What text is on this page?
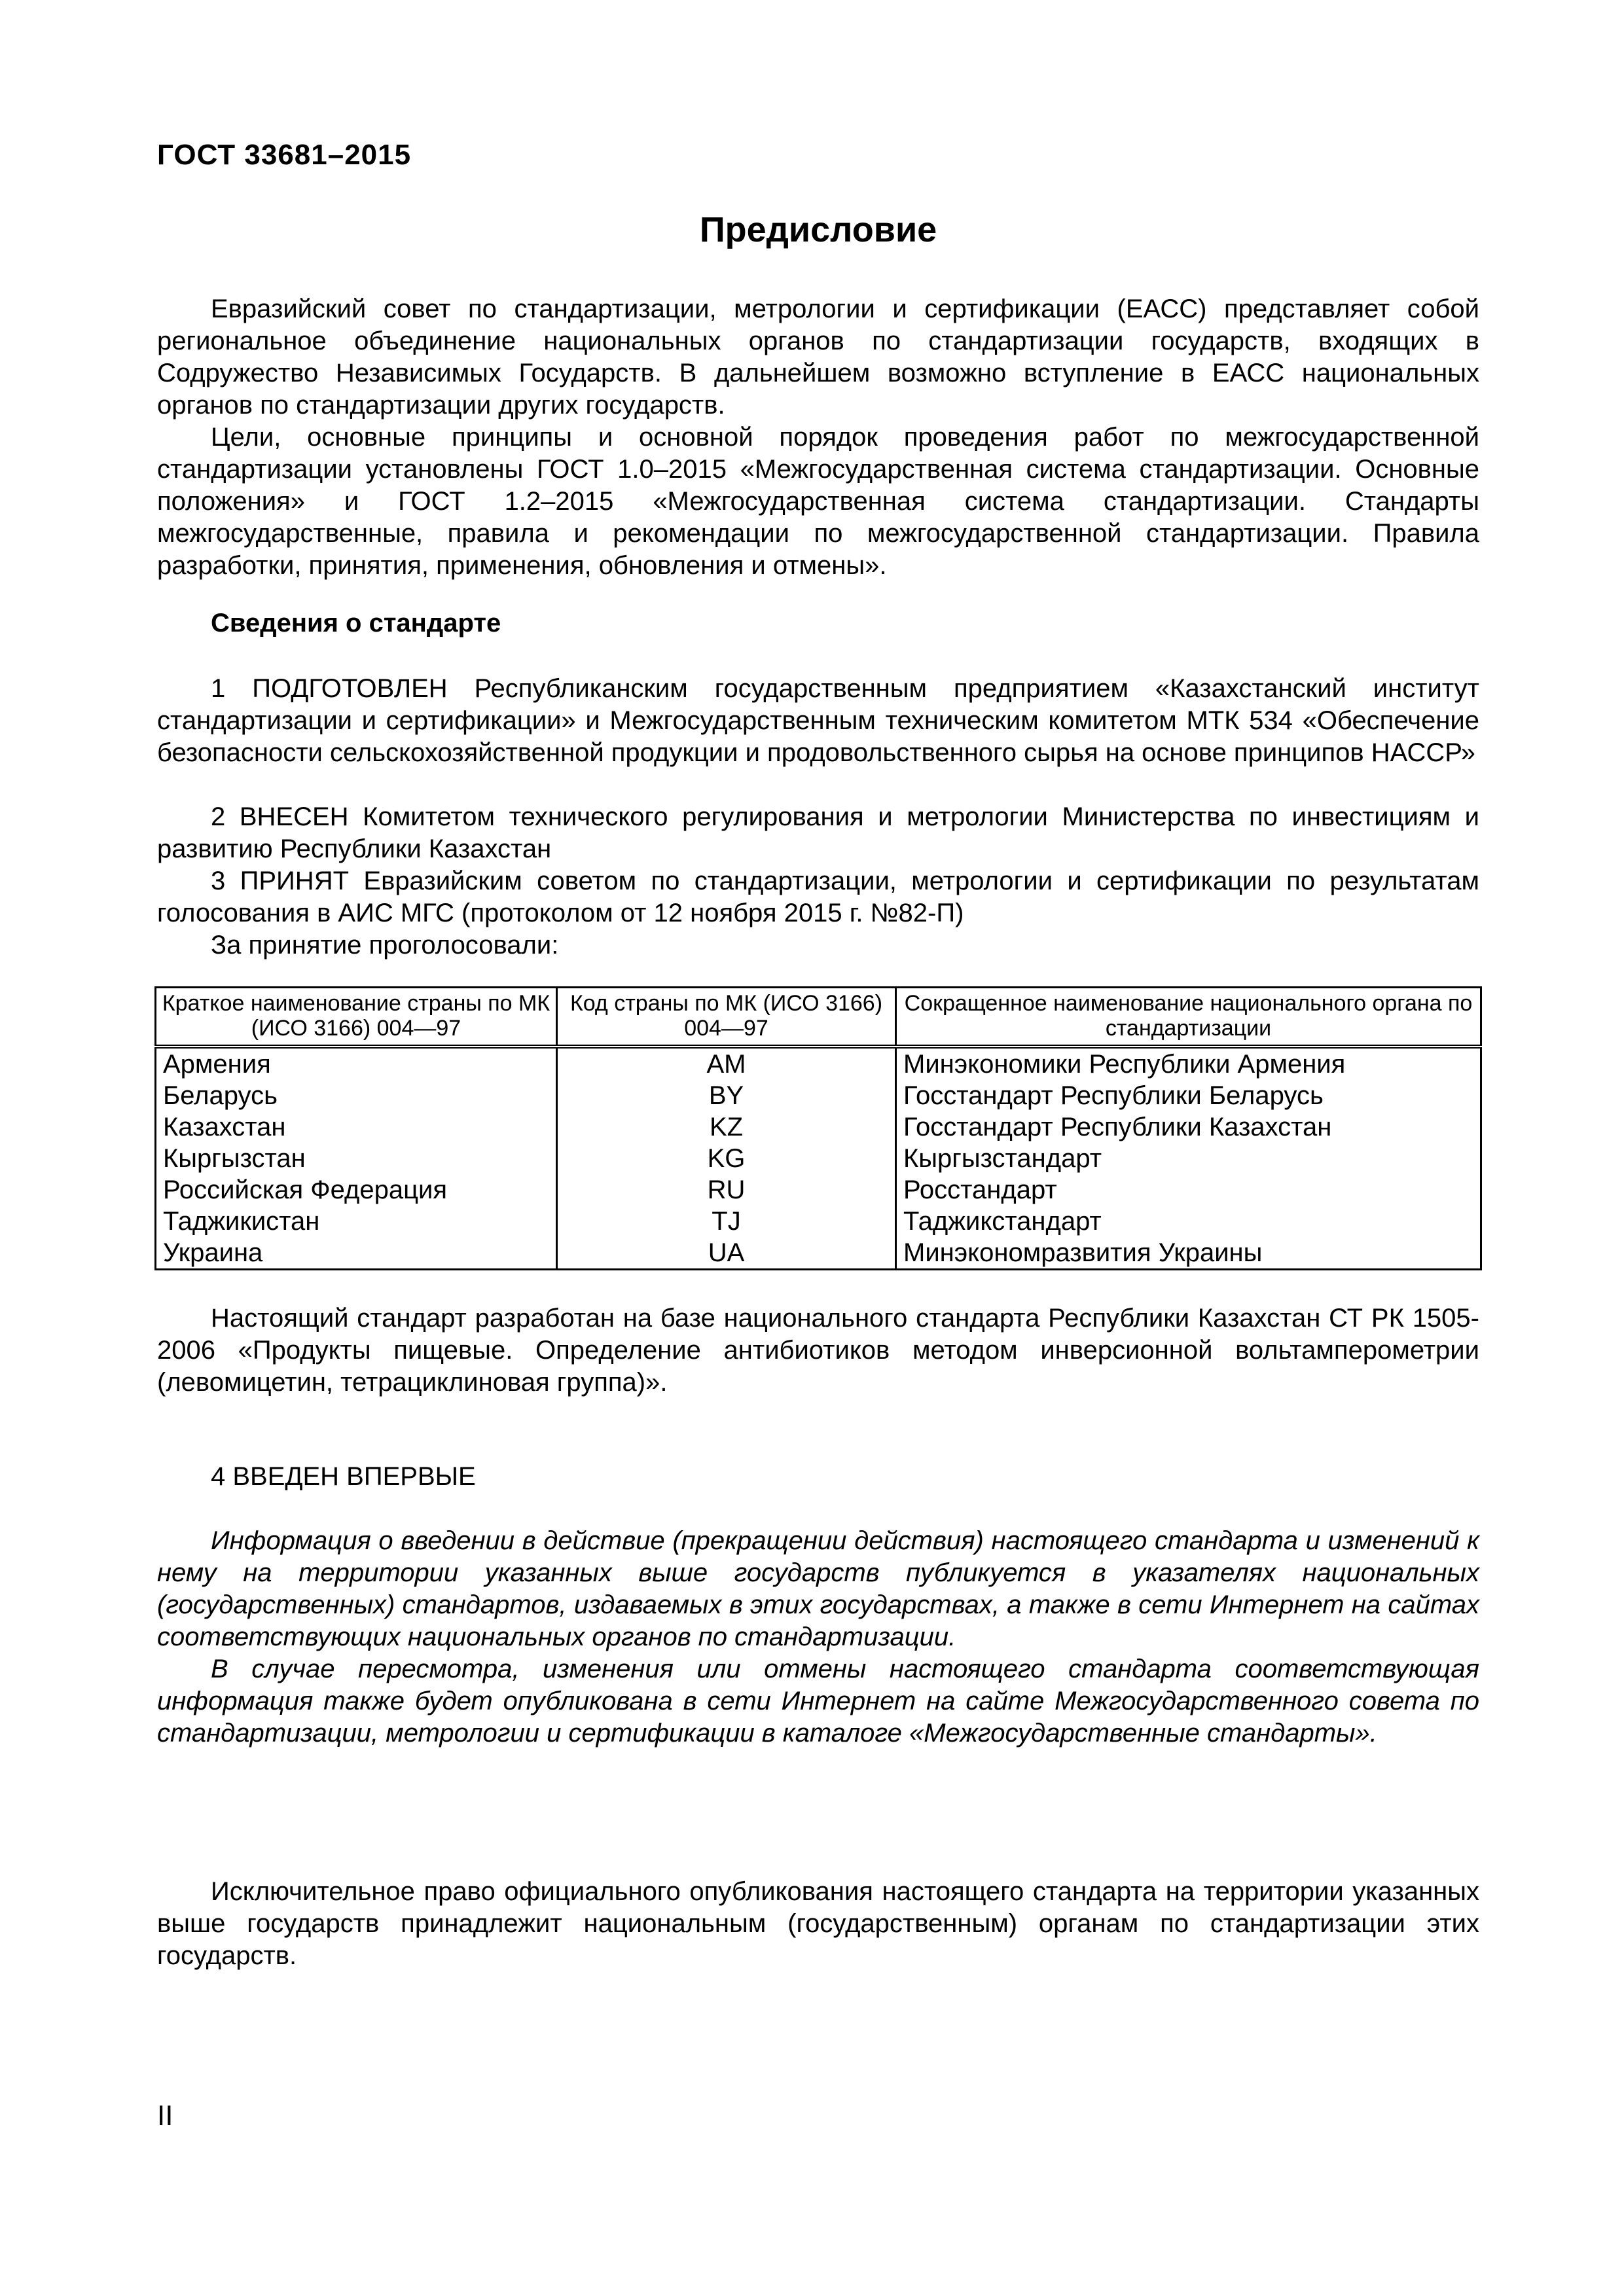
ГОСТ 33681–2015
Предисловие

Евразийский совет по стандартизации, метрологии и сертификации (ЕАСС) представляет собой региональное объединение национальных органов по стандартизации государств, входящих в Содружество Независимых Государств. В дальнейшем возможно вступление в ЕАСС национальных органов по стандартизации других государств.

Цели, основные принципы и основной порядок проведения работ по межгосударственной стандартизации установлены ГОСТ 1.0–2015 «Межгосударственная система стандартизации. Основные положения» и ГОСТ 1.2–2015 «Межгосударственная система стандартизации. Стандарты межгосударственные, правила и рекомендации по межгосударственной стандартизации. Правила разработки, принятия, применения, обновления и отмены».

Сведения о стандарте

1 ПОДГОТОВЛЕН Республиканским государственным предприятием «Казахстанский институт стандартизации и сертификации» и Межгосударственным техническим комитетом МТК 534 «Обеспечение безопасности сельскохозяйственной продукции и продовольственного сырья на основе принципов НАССР»

2 ВНЕСЕН Комитетом технического регулирования и метрологии Министерства по инвестициям и развитию Республики Казахстан

3 ПРИНЯТ Евразийским советом по стандартизации, метрологии и сертификации по результатам голосования в АИС МГС (протоколом от 12 ноября 2015 г. №82-П)

За принятие проголосовали:

Краткое наименование страны по МК (ИСО 3166) 004—97	Код страны по МК (ИСО 3166) 004—97	Сокращенное наименование национального органа по стандартизации
Армения	AM	Минэкономики Республики Армения
Беларусь	BY	Госстандарт Республики Беларусь
Казахстан	KZ	Госстандарт Республики Казахстан
Кыргызстан	KG	Кыргызстандарт
Российская Федерация	RU	Росстандарт
Таджикистан	TJ	Таджикстандарт
Украина	UA	Минэкономразвития Украины

Настоящий стандарт разработан на базе национального стандарта Республики Казахстан СТ РК 1505-2006 «Продукты пищевые. Определение антибиотиков методом инверсионной вольтамперометрии (левомицетин, тетрациклиновая группа)».

4 ВВЕДЕН ВПЕРВЫЕ

Информация о введении в действие (прекращении действия) настоящего стандарта и изменений к нему на территории указанных выше государств публикуется в указателях национальных (государственных) стандартов, издаваемых в этих государствах, а также в сети Интернет на сайтах соответствующих национальных органов по стандартизации.

В случае пересмотра, изменения или отмены настоящего стандарта соответствующая информация также будет опубликована в сети Интернет на сайте Межгосударственного совета по стандартизации, метрологии и сертификации в каталоге «Межгосударственные стандарты».

Исключительное право официального опубликования настоящего стандарта на территории указанных выше государств принадлежит национальным (государственным) органам по стандартизации этих государств.

II
